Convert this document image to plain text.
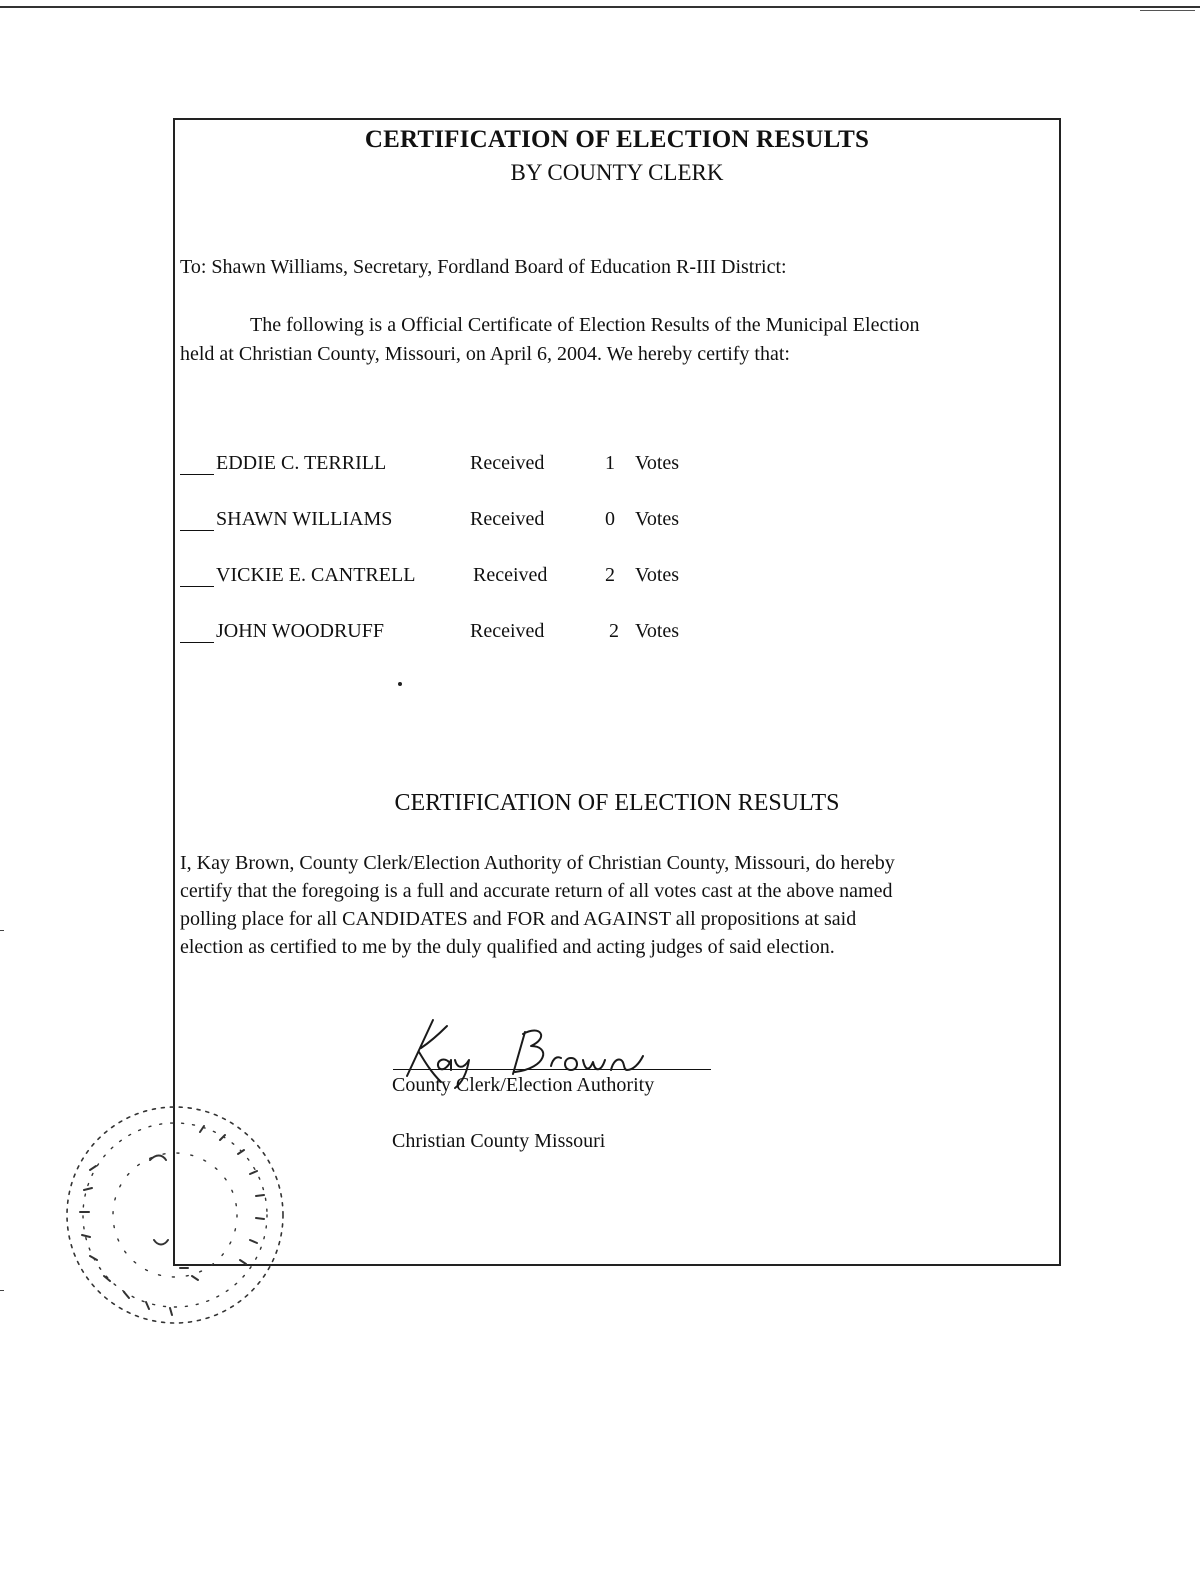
CERTIFICATION OF ELECTION RESULTS
BY COUNTY CLERK
To: Shawn Williams, Secretary, Fordland Board of Education R-III District:
The following is a Official Certificate of Election Results of the Municipal Election
held at Christian County, Missouri, on April 6, 2004. We hereby certify that:
EDDIE C. TERRILL	Received	1 Votes
SHAWN WILLIAMS	Received	0 Votes
VICKIE E. CANTRELL	Received	2 Votes
JOHN WOODRUFF	Received	2 Votes
CERTIFICATION OF ELECTION RESULTS
I, Kay Brown, County Clerk/Election Authority of Christian County, Missouri, do hereby
certify that the foregoing is a full and accurate return of all votes cast at the above named
polling place for all CANDIDATES and FOR and AGAINST all propositions at said
election as certified to me by the duly qualified and acting judges of said election.
County Clerk/Election Authority
Christian County Missouri
